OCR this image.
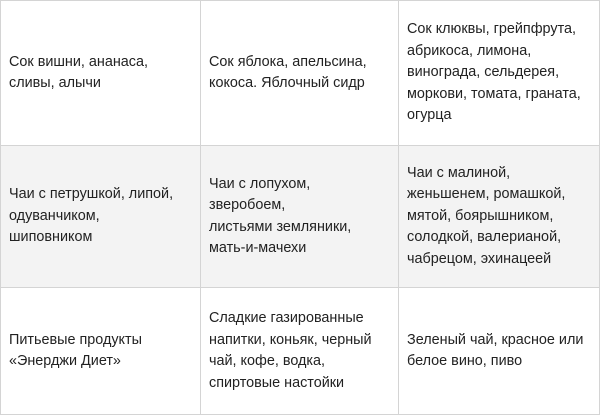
Сок вишни, ананаса,
сливы, алычи	Сок яблока, апельсина,
кокоса. Яблочный сидр	Сок клюквы, грейпфрута,
абрикоса, лимона,
винограда, сельдерея,
моркови, томата, граната,
огурца

Чаи с петрушкой, липой,
одуванчиком,
шиповником	Чаи с лопухом, зверобоем,
листьями земляники,
мать-и-мачехи	Чаи с малиной,
женьшенем, ромашкой,
мятой, боярышником,
солодкой, валерианой,
чабрецом, эхинацеей

Питьевые продукты
«Энерджи Диет»	Сладкие газированные
напитки, коньяк, черный
чай, кофе, водка,
спиртовые настойки	Зеленый чай, красное или
белое вино, пиво
